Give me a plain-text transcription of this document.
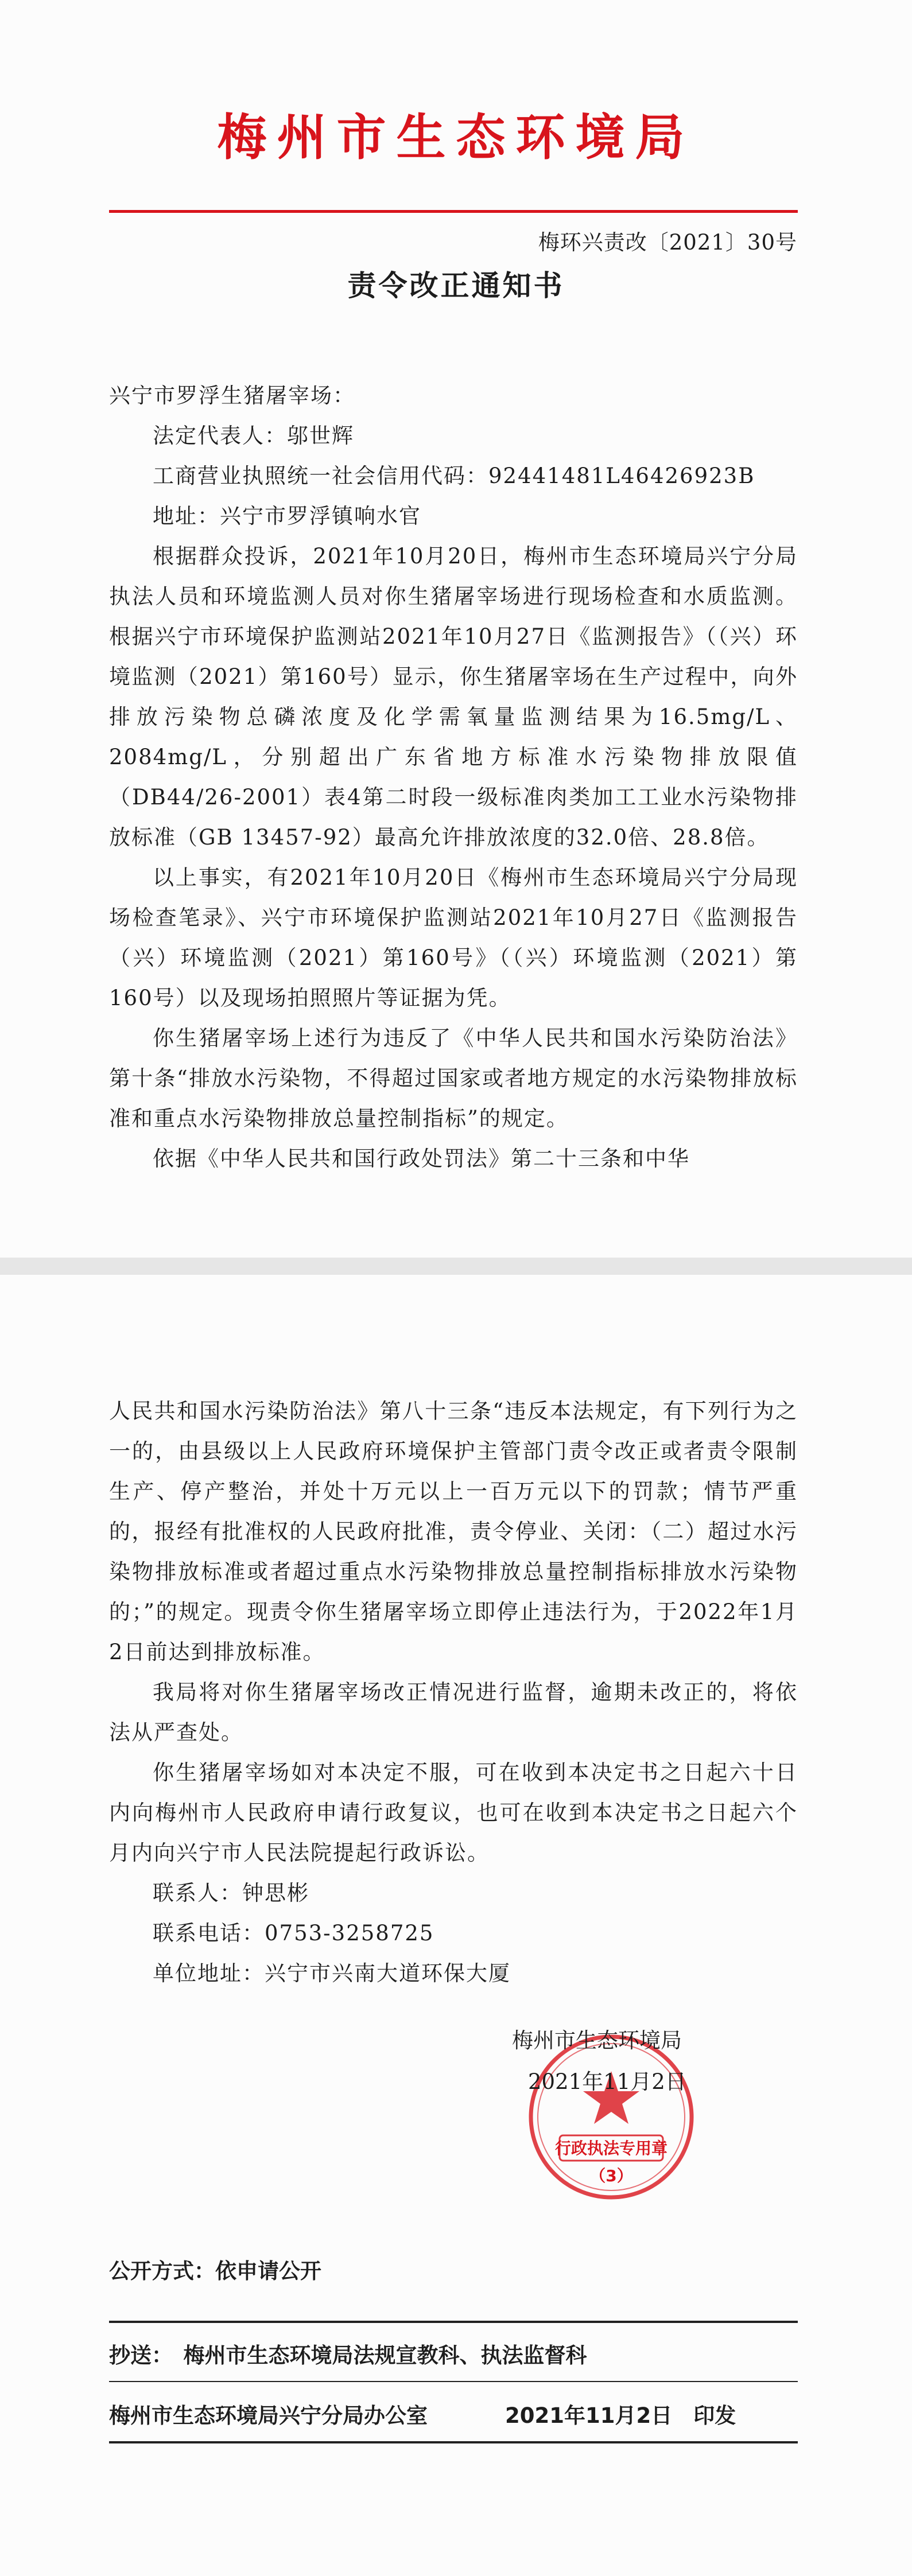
梅州市生态环境局
梅环兴责改〔2021〕30号
责令改正通知书

兴宁市罗浮生猪屠宰场：

法定代表人：邬世辉

工商营业执照统一社会信用代码：92441481L46426923B

地址：兴宁市罗浮镇响水官

根据群众投诉，2021年10月20日，梅州市生态环境局兴宁分局执法人员和环境监测人员对你生猪屠宰场进行现场检查和水质监测。根据兴宁市环境保护监测站2021年10月27日《监测报告》（（兴）环境监测（2021）第160号）显示，你生猪屠宰场在生产过程中，向外排放污染物总磷浓度及化学需氧量监测结果为16.5mg/L、2084mg/L，分别超出广东省地方标准水污染物排放限值（DB44/26-2001）表4第二时段一级标准肉类加工工业水污染物排放标准（GB 13457-92）最高允许排放浓度的32.0倍、28.8倍。

以上事实，有2021年10月20日《梅州市生态环境局兴宁分局现场检查笔录》、兴宁市环境保护监测站2021年10月27日《监测报告（兴）环境监测（2021）第160号》（（兴）环境监测（2021）第160号）以及现场拍照照片等证据为凭。

你生猪屠宰场上述行为违反了《中华人民共和国水污染防治法》第十条“排放水污染物，不得超过国家或者地方规定的水污染物排放标准和重点水污染物排放总量控制指标”的规定。

依据《中华人民共和国行政处罚法》第二十三条和中华

人民共和国水污染防治法》第八十三条“违反本法规定，有下列行为之一的，由县级以上人民政府环境保护主管部门责令改正或者责令限制生产、停产整治，并处十万元以上一百万元以下的罚款；情节严重的，报经有批准权的人民政府批准，责令停业、关闭：（二）超过水污染物排放标准或者超过重点水污染物排放总量控制指标排放水污染物的；”的规定。现责令你生猪屠宰场立即停止违法行为，于2022年1月2日前达到排放标准。

我局将对你生猪屠宰场改正情况进行监督，逾期未改正的，将依法从严查处。

你生猪屠宰场如对本决定不服，可在收到本决定书之日起六十日内向梅州市人民政府申请行政复议，也可在收到本决定书之日起六个月内向兴宁市人民法院提起行政诉讼。

联系人：钟思彬

联系电话：0753-3258725

单位地址：兴宁市兴南大道环保大厦

行政执法专用章
（3）
梅州市生态环境局
2021年11月2日
公开方式：依申请公开
抄送：　梅州市生态环境局法规宣教科、执法监督科
梅州市生态环境局兴宁分局办公室	2021年11月2日　印发
